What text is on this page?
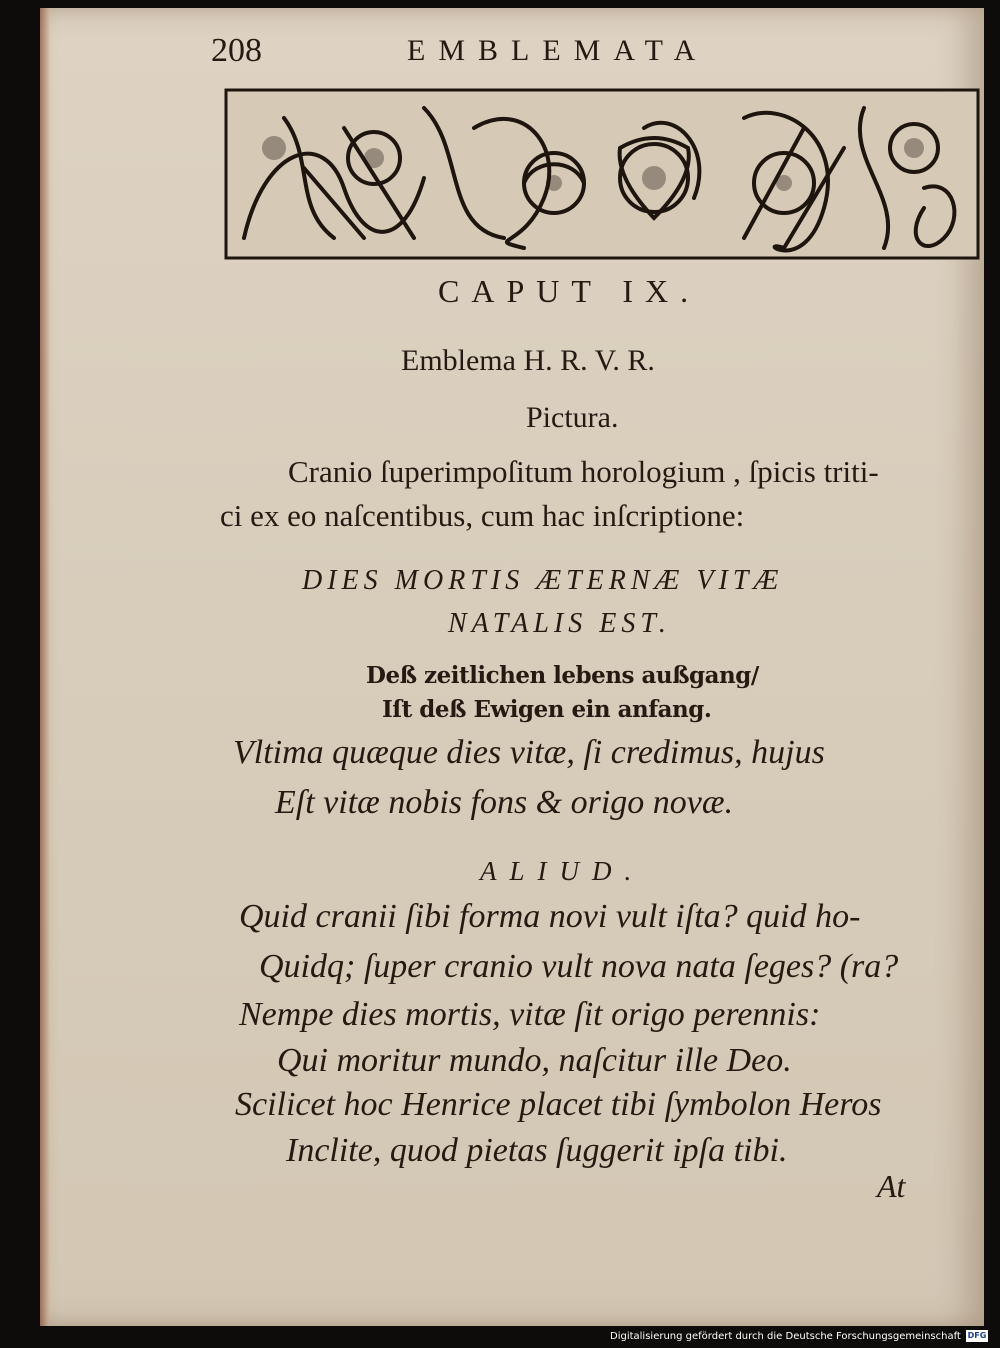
208	EMBLEMATA
CAPUT IX.
Emblema H. R. V. R.
Pictura.
Cranio ſuperimpoſitum horologium , ſpicis triti-
ci ex eo naſcentibus, cum hac inſcriptione:
DIES MORTIS ÆTERNÆ VITÆ
NATALIS EST.
Deß zeitlichen lebens außgang/
Iſt deß Ewigen ein anfang.
Vltima quæque dies vitæ, ſi credimus, hujus
Eſt vitæ nobis fons & origo novæ.
ALIUD.
Quid cranii ſibi forma novi vult iſta? quid ho-
Quidq; ſuper cranio vult nova nata ſeges? (ra?
Nempe dies mortis, vitæ ſit origo perennis:
Qui moritur mundo, naſcitur ille Deo.
Scilicet hoc Henrice placet tibi ſymbolon Heros
Inclite, quod pietas ſuggerit ipſa tibi.
At
Digitalisierung gefördert durch die Deutsche Forschungsgemeinschaft DFG
